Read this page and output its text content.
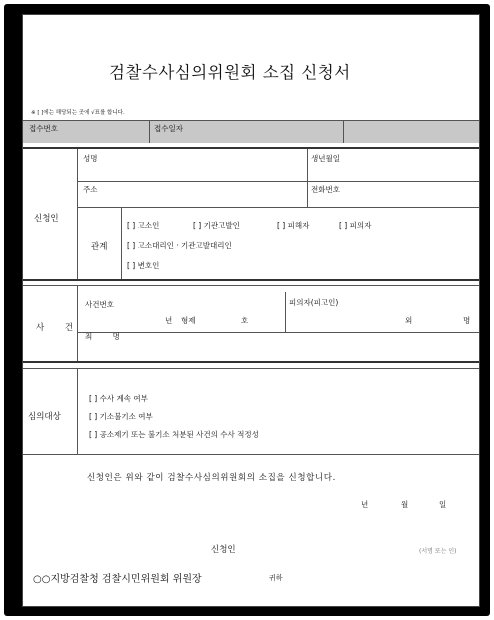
검찰수사심의위원회 소집 신청서
※ [ ]에는 해당되는 곳에 √표를 합니다.
접수번호	접수일자
신청인
성명	생년월일
주소	전화번호
관계
[ ] 고소인	[ ] 기관고발인	[ ] 피해자	[ ] 피의자
[ ] 고소대리인 · 기관고발대리인
[ ] 변호인
사 건
사건번호
년 형제	호
피의자(피고인)
외	명
죄 명
심의대상
[ ] 수사 계속 여부
[ ] 기소불기소 여부
[ ] 공소제기 또는 불기소 처분된 사건의 수사 적정성
신청인은 위와 같이 검찰수사심의위원회의 소집을 신청합니다.
년	월	일
신청인	(서명 또는 인)
○○지방검찰청 검찰시민위원회 위원장	귀하
